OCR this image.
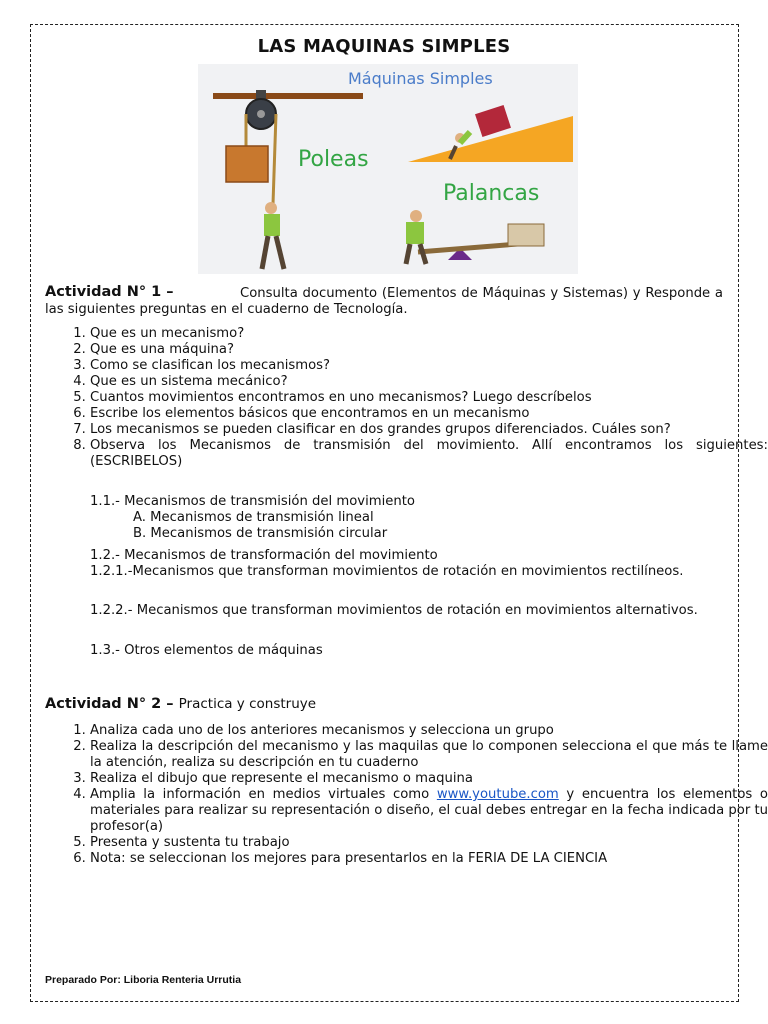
LAS MAQUINAS SIMPLES
Máquinas Simples
Poleas
Palancas
Actividad N° 1 –	Consulta documento (Elementos de Máquinas y Sistemas) y Responde a las siguientes preguntas en el cuaderno de Tecnología.
1. Que es un mecanismo?
2. Que es una máquina?
3. Como se clasifican los mecanismos?
4. Que es un sistema mecánico?
5. Cuantos movimientos encontramos en uno mecanismos? Luego descríbelos
6. Escribe los elementos básicos que encontramos en un mecanismo
7. Los mecanismos se pueden clasificar en dos grandes grupos diferenciados. Cuáles son?
8. Observa los Mecanismos de transmisión del movimiento. Allí encontramos los siguientes: (ESCRIBELOS)
1.1.- Mecanismos de transmisión del movimiento
A. Mecanismos de transmisión lineal
B. Mecanismos de transmisión circular
1.2.- Mecanismos de transformación del movimiento
1.2.1.-Mecanismos que transforman movimientos de rotación en movimientos rectilíneos.
1.2.2.- Mecanismos que transforman movimientos de rotación en movimientos alternativos.
1.3.- Otros elementos de máquinas
Actividad N° 2 – Practica y construye
1. Analiza cada uno de los anteriores mecanismos y selecciona un grupo
2. Realiza la descripción del mecanismo y las maquilas que lo componen selecciona el que más te llame la atención, realiza su descripción en tu cuaderno
3. Realiza el dibujo que represente el mecanismo o maquina
4. Amplia la información en medios virtuales como www.youtube.com y encuentra los elementos o materiales para realizar su representación o diseño, el cual debes entregar en la fecha indicada por tu profesor(a)
5. Presenta y sustenta tu trabajo
6. Nota: se seleccionan los mejores para presentarlos en la FERIA DE LA CIENCIA
Preparado Por: Liboria Renteria Urrutia
